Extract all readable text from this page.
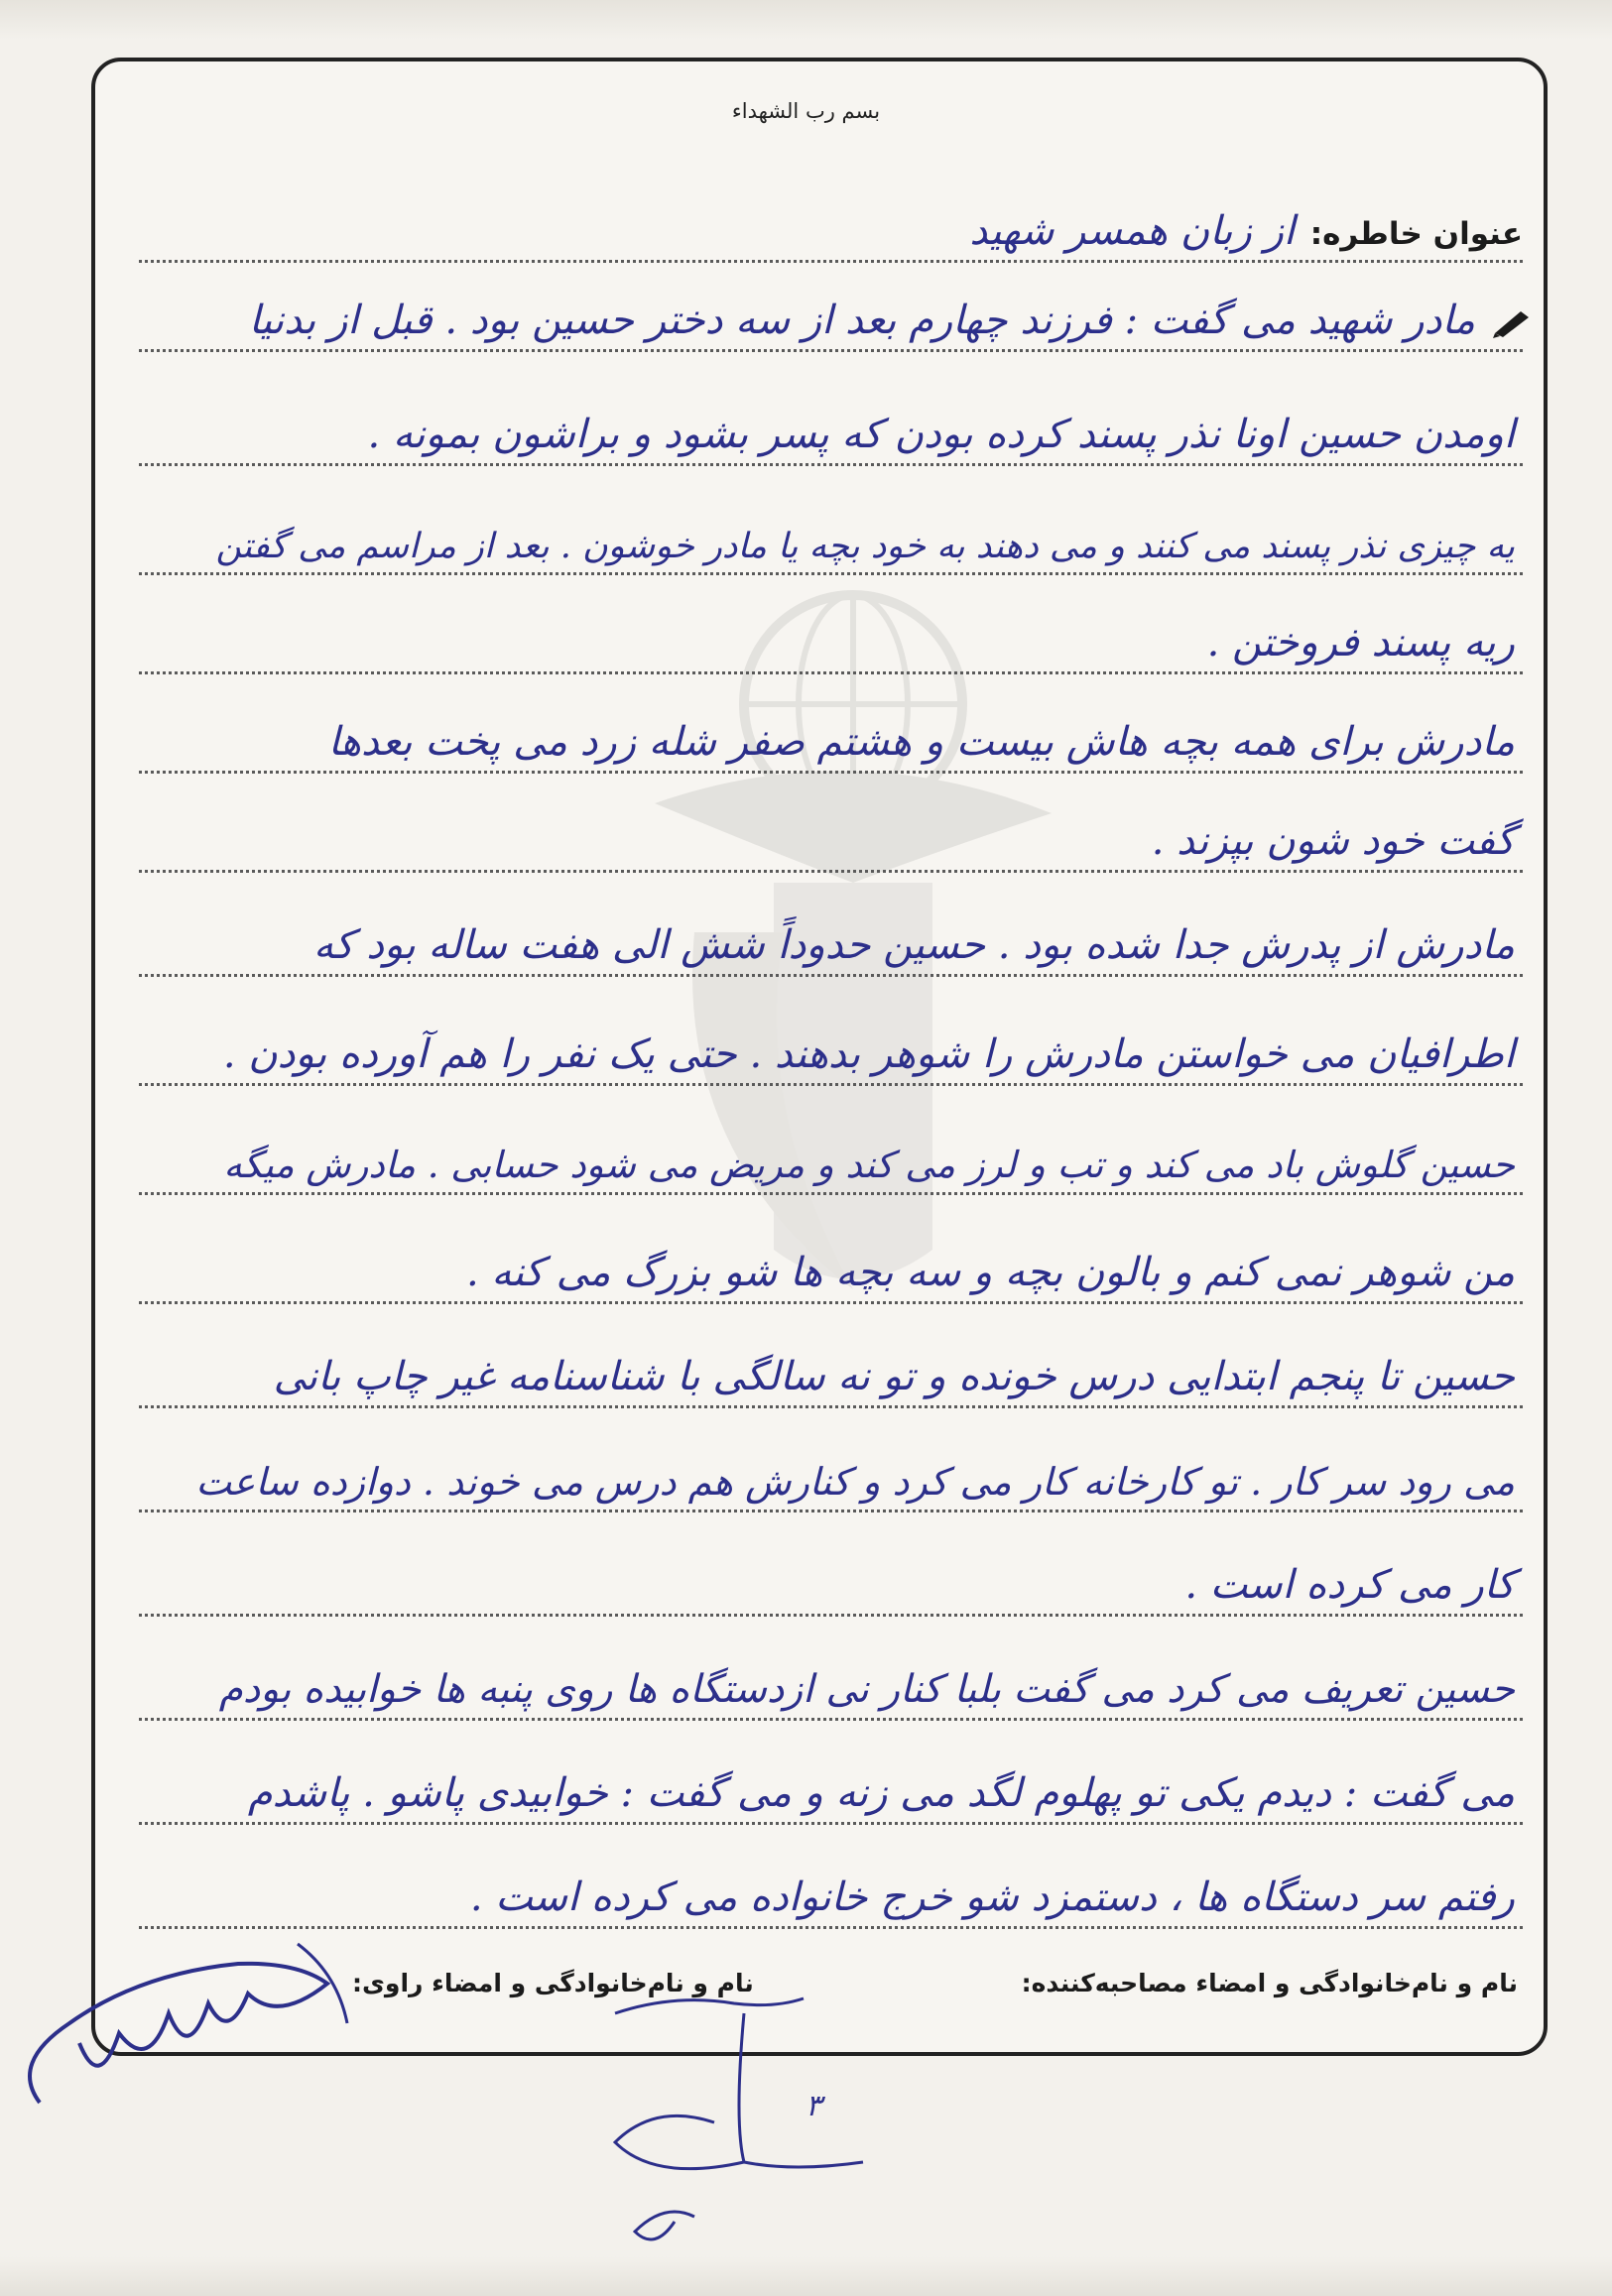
بسم رب الشهداء
عنوان خاطره:
از زبان همسر شهید
مادر شهید می گفت : فرزند چهارم بعد از سه دختر حسین بود . قبل از بدنیا
اومدن حسین اونا نذر پسند کرده بودن که پسر بشود و براشون بمونه .
یه چیزی نذر پسند می کنند و می دهند به خود بچه یا مادر خوشون . بعد از مراسم می گفتن
ریه پسند فروختن .
مادرش برای همه بچه هاش بیست و هشتم صفر شله زرد می پخت بعدها
گفت خود شون بپزند .
مادرش از پدرش جدا شده بود . حسین حدوداً شش الی هفت ساله بود که
اطرافیان می خواستن مادرش را شوهر بدهند . حتی یک نفر را هم آورده بودن .
حسین گلوش باد می کند و تب و لرز می کند و مریض می شود حسابی . مادرش میگه
من شوهر نمی کنم و بالون بچه و سه بچه ها شو بزرگ می کنه .
حسین تا پنجم ابتدایی درس خونده و تو نه سالگی با شناسنامه غیر چاپ بانی
می رود سر کار . تو کارخانه کار می کرد و کنارش هم درس می خوند . دوازده ساعت
کار می کرده است .
حسین تعریف می کرد می گفت بلبا کنار نی ازدستگاه ها روی پنبه ها خوابیده بودم
می گفت : دیدم یکی تو پهلوم لگد می زنه و می گفت : خوابیدی پاشو . پاشدم
رفتم سر دستگاه ها ، دستمزد شو خرج خانواده می کرده است .
نام و نام‌خانوادگی و امضاء مصاحبه‌کننده:
نام و نام‌خانوادگی و امضاء راوی:
۳
